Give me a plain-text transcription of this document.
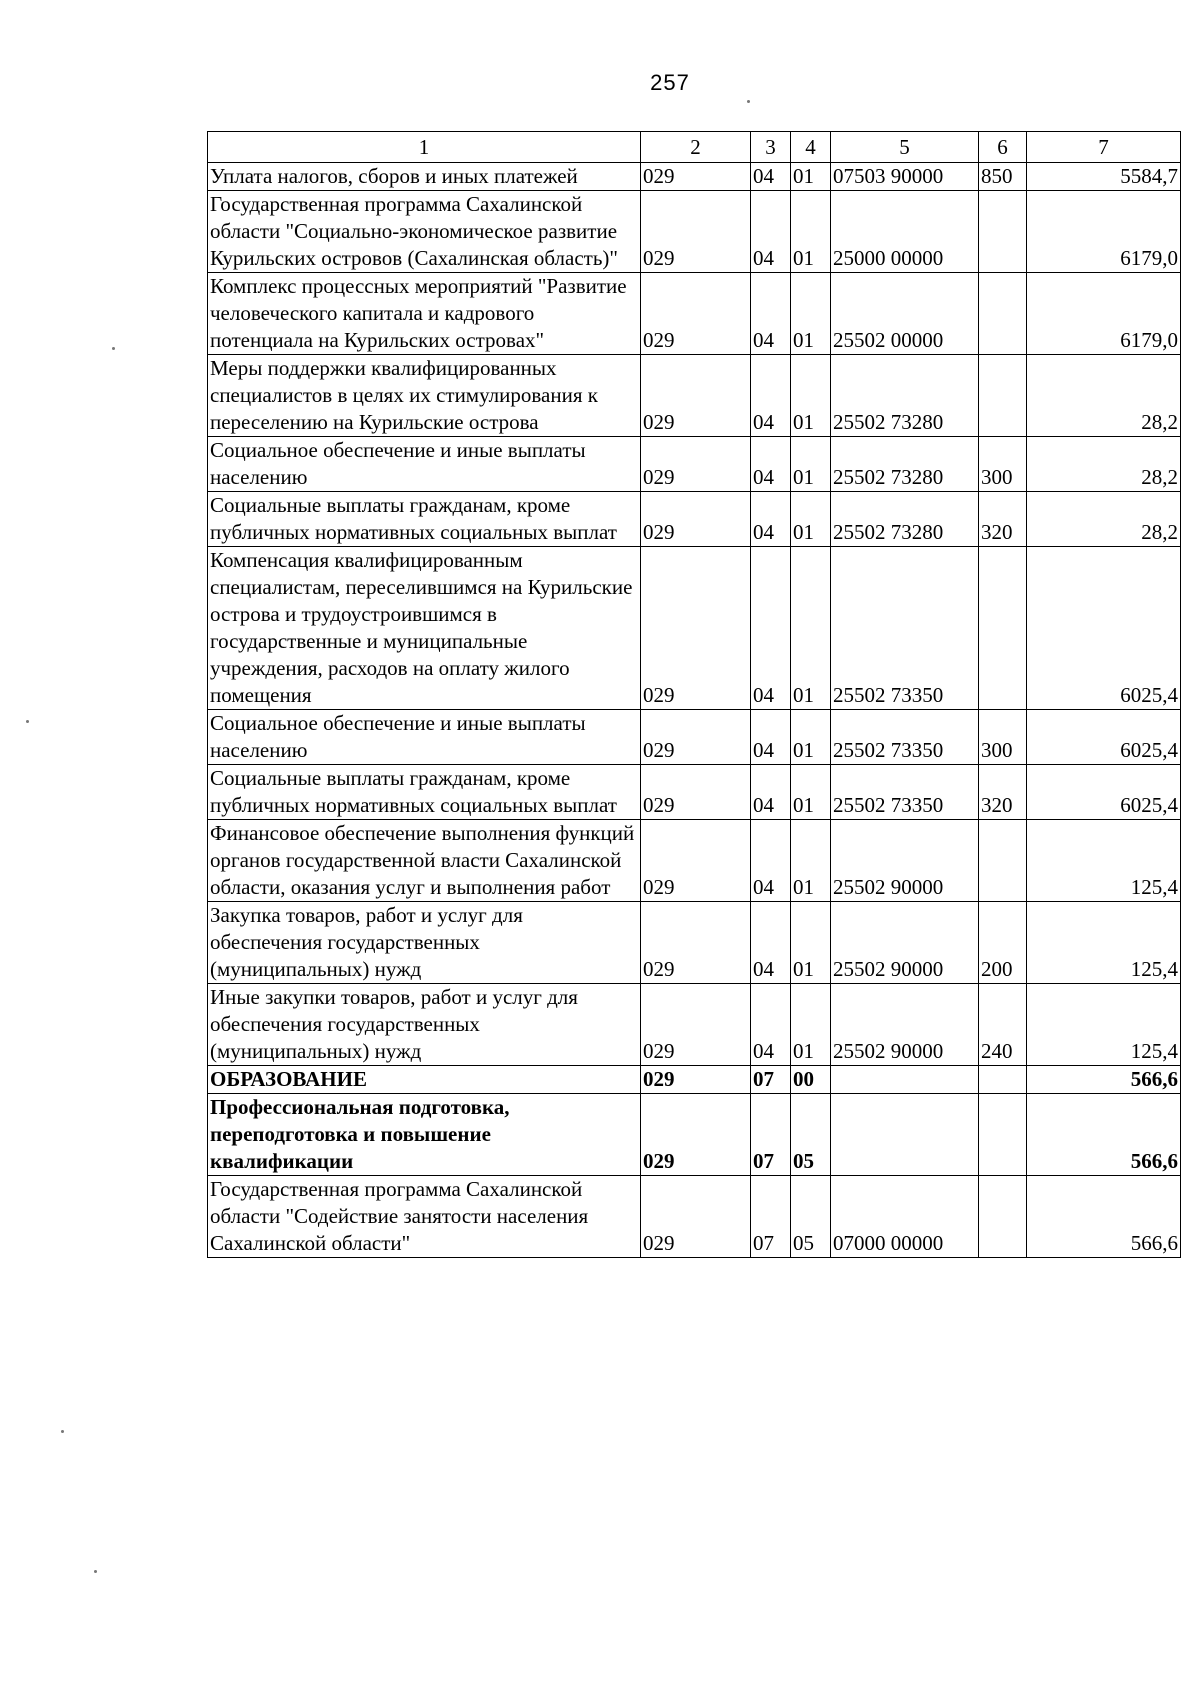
257
1	2	3	4	5	6	7
Уплата налогов, сборов и иных платежей	029	04	01	07503 90000	850	5584,7
Государственная программа Сахалинской области "Социально-экономическое развитие Курильских островов (Сахалинская область)"	029	04	01	25000 00000		6179,0
Комплекс процессных мероприятий "Развитие человеческого капитала и кадрового потенциала на Курильских островах"	029	04	01	25502 00000		6179,0
Меры поддержки квалифицированных специалистов в целях их стимулирования к переселению на Курильские острова	029	04	01	25502 73280		28,2
Социальное обеспечение и иные выплаты населению	029	04	01	25502 73280	300	28,2
Социальные выплаты гражданам, кроме публичных нормативных социальных выплат	029	04	01	25502 73280	320	28,2
Компенсация квалифицированным специалистам, переселившимся на Курильские острова и трудоустроившимся в государственные и муниципальные учреждения, расходов на оплату жилого помещения	029	04	01	25502 73350		6025,4
Социальное обеспечение и иные выплаты населению	029	04	01	25502 73350	300	6025,4
Социальные выплаты гражданам, кроме публичных нормативных социальных выплат	029	04	01	25502 73350	320	6025,4
Финансовое обеспечение выполнения функций органов государственной власти Сахалинской области, оказания услуг и выполнения работ	029	04	01	25502 90000		125,4
Закупка товаров, работ и услуг для обеспечения государственных (муниципальных) нужд	029	04	01	25502 90000	200	125,4
Иные закупки товаров, работ и услуг для обеспечения государственных (муниципальных) нужд	029	04	01	25502 90000	240	125,4
ОБРАЗОВАНИЕ	029	07	00			566,6
Профессиональная подготовка, переподготовка и повышение квалификации	029	07	05			566,6
Государственная программа Сахалинской области "Содействие занятости населения Сахалинской области"	029	07	05	07000 00000		566,6
